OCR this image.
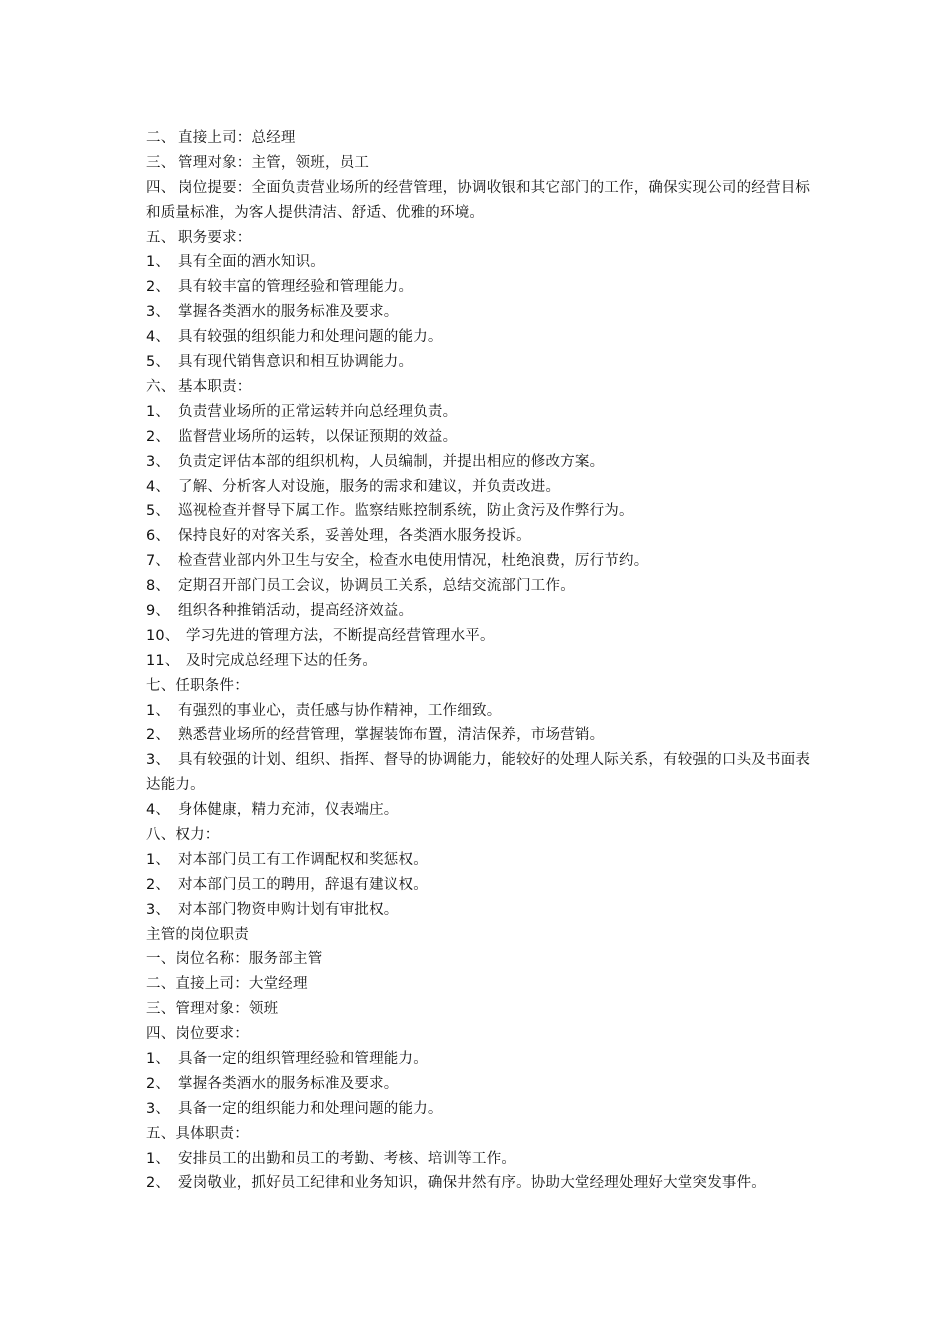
二、 直接上司：总经理
三、 管理对象：主管，领班，员工
四、 岗位提要：全面负责营业场所的经营管理，协调收银和其它部门的工作，确保实现公司的经营目标和质量标准，为客人提供清洁、舒适、优雅的环境。
五、 职务要求：
1、 具有全面的酒水知识。
2、 具有较丰富的管理经验和管理能力。
3、 掌握各类酒水的服务标准及要求。
4、 具有较强的组织能力和处理问题的能力。
5、 具有现代销售意识和相互协调能力。
六、 基本职责：
1、 负责营业场所的正常运转并向总经理负责。
2、 监督营业场所的运转，以保证预期的效益。
3、 负责定评估本部的组织机构，人员编制，并提出相应的修改方案。
4、 了解、分析客人对设施，服务的需求和建议，并负责改进。
5、 巡视检查并督导下属工作。监察结账控制系统，防止贪污及作弊行为。
6、 保持良好的对客关系，妥善处理，各类酒水服务投诉。
7、 检查营业部内外卫生与安全，检查水电使用情况，杜绝浪费，厉行节约。
8、 定期召开部门员工会议，协调员工关系，总结交流部门工作。
9、 组织各种推销活动，提高经济效益。
10、 学习先进的管理方法，不断提高经营管理水平。
11、 及时完成总经理下达的任务。
七、任职条件：
1、 有强烈的事业心，责任感与协作精神，工作细致。
2、 熟悉营业场所的经营管理，掌握装饰布置，清洁保养，市场营销。
3、 具有较强的计划、组织、指挥、督导的协调能力，能较好的处理人际关系，有较强的口头及书面表达能力。
4、 身体健康，精力充沛，仪表端庄。
八、权力：
1、 对本部门员工有工作调配权和奖惩权。
2、 对本部门员工的聘用，辞退有建议权。
3、 对本部门物资申购计划有审批权。
主管的岗位职责
一、岗位名称：服务部主管
二、直接上司：大堂经理
三、管理对象：领班
四、岗位要求：
1、 具备一定的组织管理经验和管理能力。
2、 掌握各类酒水的服务标准及要求。
3、 具备一定的组织能力和处理问题的能力。
五、具体职责：
1、 安排员工的出勤和员工的考勤、考核、培训等工作。
2、 爱岗敬业，抓好员工纪律和业务知识，确保井然有序。协助大堂经理处理好大堂突发事件。
